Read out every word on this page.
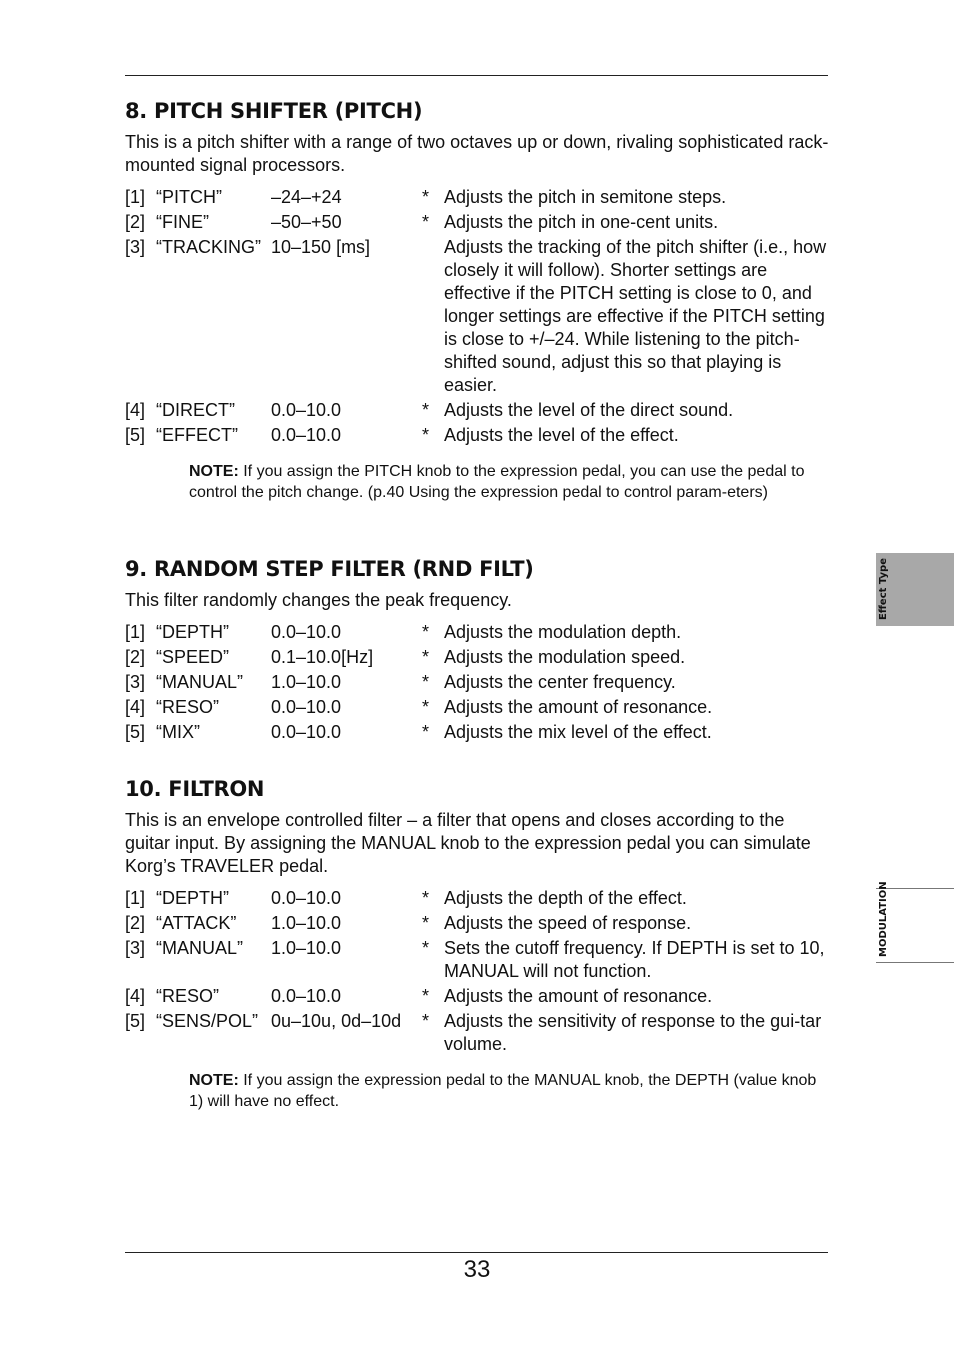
8. PITCH SHIFTER (PITCH)

This is a pitch shifter with a range of two octaves up or down, rivaling sophisticated rack-mounted signal processors.

[1] “PITCH”	–24–+24	* Adjusts the pitch in semitone steps.
[2] “FINE”	–50–+50	* Adjusts the pitch in one-cent units.
[3] “TRACKING” 10–150 [ms]	Adjusts the tracking of the pitch shifter (i.e., how closely it will follow). Shorter settings are effective if the PITCH setting is close to 0, and longer settings are effective if the PITCH setting is close to +/–24. While listening to the pitch-shifted sound, adjust this so that playing is easier.
[4] “DIRECT” 0.0–10.0	* Adjusts the level of the direct sound.
[5] “EFFECT” 0.0–10.0	* Adjusts the level of the effect.

NOTE: If you assign the PITCH knob to the expression pedal, you can use the pedal to control the pitch change. (p.40 Using the expression pedal to control param-eters)

9. RANDOM STEP FILTER (RND FILT)

This filter randomly changes the peak frequency.

[1] “DEPTH” 0.0–10.0	* Adjusts the modulation depth.
[2] “SPEED” 0.1–10.0[Hz]	* Adjusts the modulation speed.
[3] “MANUAL” 1.0–10.0	* Adjusts the center frequency.
[4] “RESO”	0.0–10.0	* Adjusts the amount of resonance.
[5] “MIX”	0.0–10.0	* Adjusts the mix level of the effect.
10. FILTRON

This is an envelope controlled filter – a filter that opens and closes according to the guitar input. By assigning the MANUAL knob to the expression pedal you can simulate Korg’s TRAVELER pedal.

[1] “DEPTH” 0.0–10.0	* Adjusts the depth of the effect.
[2] “ATTACK” 1.0–10.0	* Adjusts the speed of response.
[3] “MANUAL” 1.0–10.0	* Sets the cutoff frequency. If DEPTH is set to 10, MANUAL will not function.
[4] “RESO”	0.0–10.0	* Adjusts the amount of resonance.
[5] “SENS/POL” 0u–10u, 0d–10d * Adjusts the sensitivity of response to the gui-tar volume.

NOTE: If you assign the expression pedal to the MANUAL knob, the DEPTH (value knob 1) will have no effect.

Effect Type
MODULATION
33
